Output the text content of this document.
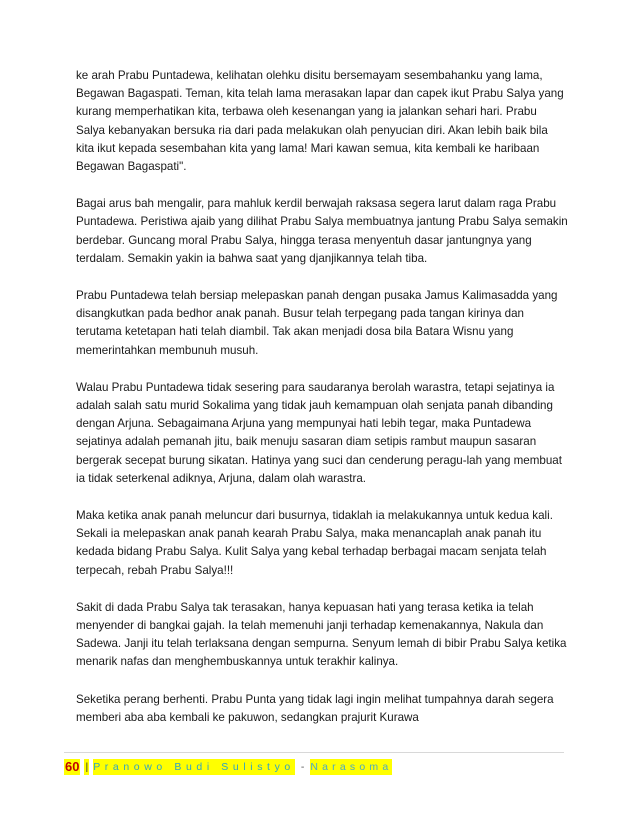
ke arah Prabu Puntadewa, kelihatan olehku disitu bersemayam sesembahanku yang lama, Begawan Bagaspati. Teman, kita telah lama merasakan lapar dan capek ikut Prabu Salya yang kurang memperhatikan kita, terbawa oleh kesenangan yang ia jalankan sehari hari. Prabu Salya kebanyakan bersuka ria dari pada melakukan olah penyucian diri. Akan lebih baik bila kita ikut kepada sesembahan kita yang lama! Mari kawan semua, kita kembali ke haribaan Begawan Bagaspati".

Bagai arus bah mengalir, para mahluk kerdil berwajah raksasa segera larut dalam raga Prabu Puntadewa. Peristiwa ajaib yang dilihat Prabu Salya membuatnya jantung Prabu Salya semakin berdebar. Guncang moral Prabu Salya, hingga terasa menyentuh dasar jantungnya yang terdalam. Semakin yakin ia bahwa saat yang djanjikannya telah tiba.

Prabu Puntadewa telah bersiap melepaskan panah dengan pusaka Jamus Kalimasadda yang disangkutkan pada bedhor anak panah. Busur telah terpegang pada tangan kirinya dan terutama ketetapan hati telah diambil. Tak akan menjadi dosa bila Batara Wisnu yang memerintahkan membunuh musuh.

Walau Prabu Puntadewa tidak sesering para saudaranya berolah warastra, tetapi sejatinya ia adalah salah satu murid Sokalima yang tidak jauh kemampuan olah senjata panah dibanding dengan Arjuna. Sebagaimana Arjuna yang mempunyai hati lebih tegar, maka Puntadewa sejatinya adalah pemanah jitu, baik menuju sasaran diam setipis rambut maupun sasaran bergerak secepat burung sikatan. Hatinya yang suci dan cenderung peragu-lah yang membuat ia tidak seterkenal adiknya, Arjuna, dalam olah warastra.

Maka ketika anak panah meluncur dari busurnya, tidaklah ia melakukannya untuk kedua kali. Sekali ia melepaskan anak panah kearah Prabu Salya, maka menancaplah anak panah itu kedada bidang Prabu Salya. Kulit Salya yang kebal terhadap berbagai macam senjata telah terpecah, rebah Prabu Salya!!!

Sakit di dada Prabu Salya tak terasakan, hanya kepuasan hati yang terasa ketika ia telah menyender di bangkai gajah. Ia telah memenuhi janji terhadap kemenakannya, Nakula dan Sadewa. Janji itu telah terlaksana dengan sempurna. Senyum lemah di bibir Prabu Salya ketika menarik nafas dan menghembuskannya untuk terakhir kalinya.

Seketika perang berhenti. Prabu Punta yang tidak lagi ingin melihat tumpahnya darah segera memberi aba aba kembali ke pakuwon, sedangkan prajurit Kurawa

60 | Pranowo Budi Sulistyo - Narasoma
